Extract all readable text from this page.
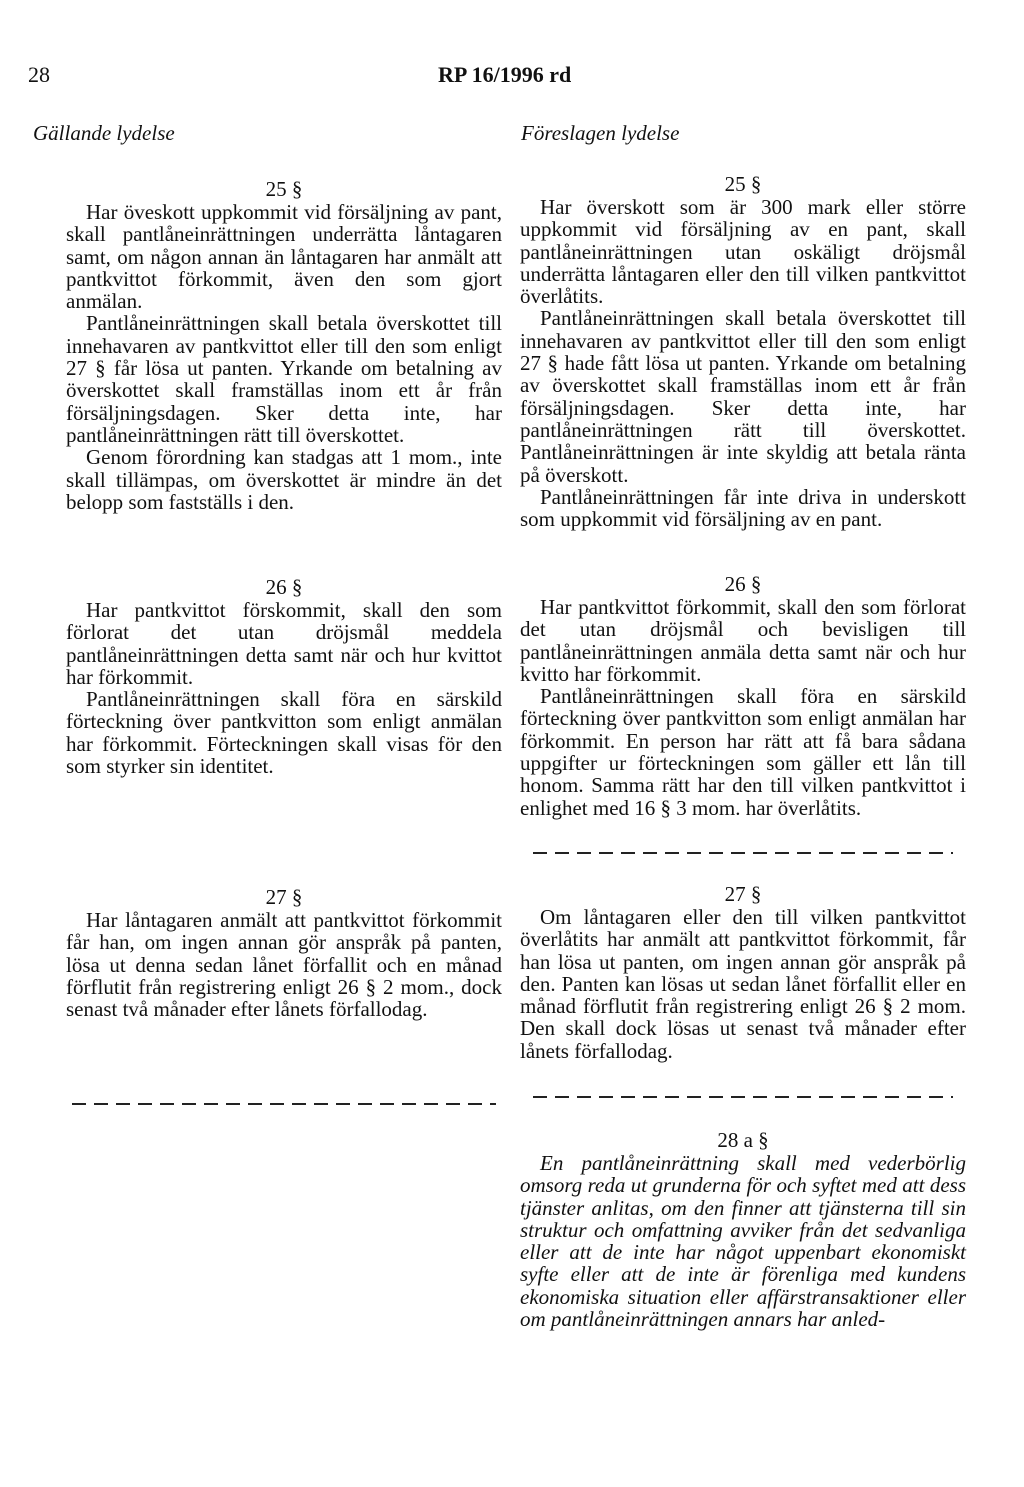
28	RP 16/1996 rd
Gällande lydelse	Föreslagen lydelse
25 §

Har öveskott uppkommit vid försäljning av pant, skall pantlåneinrättningen underrätta låntagaren samt, om någon annan än låntagaren har anmält att pantkvittot förkommit, även den som gjort anmälan.

Pantlåneinrättningen skall betala överskottet till innehavaren av pantkvittot eller till den som enligt 27 § får lösa ut panten. Yrkande om betalning av överskottet skall framställas inom ett år från försäljningsdagen. Sker detta inte, har pantlåneinrättningen rätt till överskottet.

Genom förordning kan stadgas att 1 mom., inte skall tillämpas, om överskottet är mindre än det belopp som fastställs i den.

26 §

Har pantkvittot förskommit, skall den som förlorat det utan dröjsmål meddela pantlåneinrättningen detta samt när och hur kvittot har förkommit.

Pantlåneinrättningen skall föra en särskild förteckning över pantkvitton som enligt anmälan har förkommit. Förteckningen skall visas för den som styrker sin identitet.

27 §

Har låntagaren anmält att pantkvittot förkommit får han, om ingen annan gör anspråk på panten, lösa ut denna sedan lånet förfallit och en månad förflutit från registrering enligt 26 § 2 mom., dock senast två månader efter lånets förfallodag.

25 §

Har överskott som är 300 mark eller större uppkommit vid försäljning av en pant, skall pantlåneinrättningen utan oskäligt dröjsmål underrätta låntagaren eller den till vilken pantkvittot överlåtits.

Pantlåneinrättningen skall betala överskottet till innehavaren av pantkvittot eller till den som enligt 27 § hade fått lösa ut panten. Yrkande om betalning av överskottet skall framställas inom ett år från försäljningsdagen. Sker detta inte, har pantlåneinrättningen rätt till överskottet. Pantlåneinrättningen är inte skyldig att betala ränta på överskott.

Pantlåneinrättningen får inte driva in underskott som uppkommit vid försäljning av en pant.

26 §

Har pantkvittot förkommit, skall den som förlorat det utan dröjsmål och bevisligen till pantlåneinrättningen anmäla detta samt när och hur kvitto har förkommit.

Pantlåneinrättningen skall föra en särskild förteckning över pantkvitton som enligt anmälan har förkommit. En person har rätt att få bara sådana uppgifter ur förteckningen som gäller ett lån till honom. Samma rätt har den till vilken pantkvittot i enlighet med 16 § 3 mom. har överlåtits.

27 §

Om låntagaren eller den till vilken pantkvittot överlåtits har anmält att pantkvittot förkommit, får han lösa ut panten, om ingen annan gör anspråk på den. Panten kan lösas ut sedan lånet förfallit eller en månad förflutit från registrering enligt 26 § 2 mom. Den skall dock lösas ut senast två månader efter lånets förfallodag.

28 a §

En pantlåneinrättning skall med vederbörlig omsorg reda ut grunderna för och syftet med att dess tjänster anlitas, om den finner att tjänsterna till sin struktur och omfattning avviker från det sedvanliga eller att de inte har något uppenbart ekonomiskt syfte eller att de inte är förenliga med kundens ekonomiska situation eller affärstransaktioner eller om pantlåneinrättningen annars har anled-
